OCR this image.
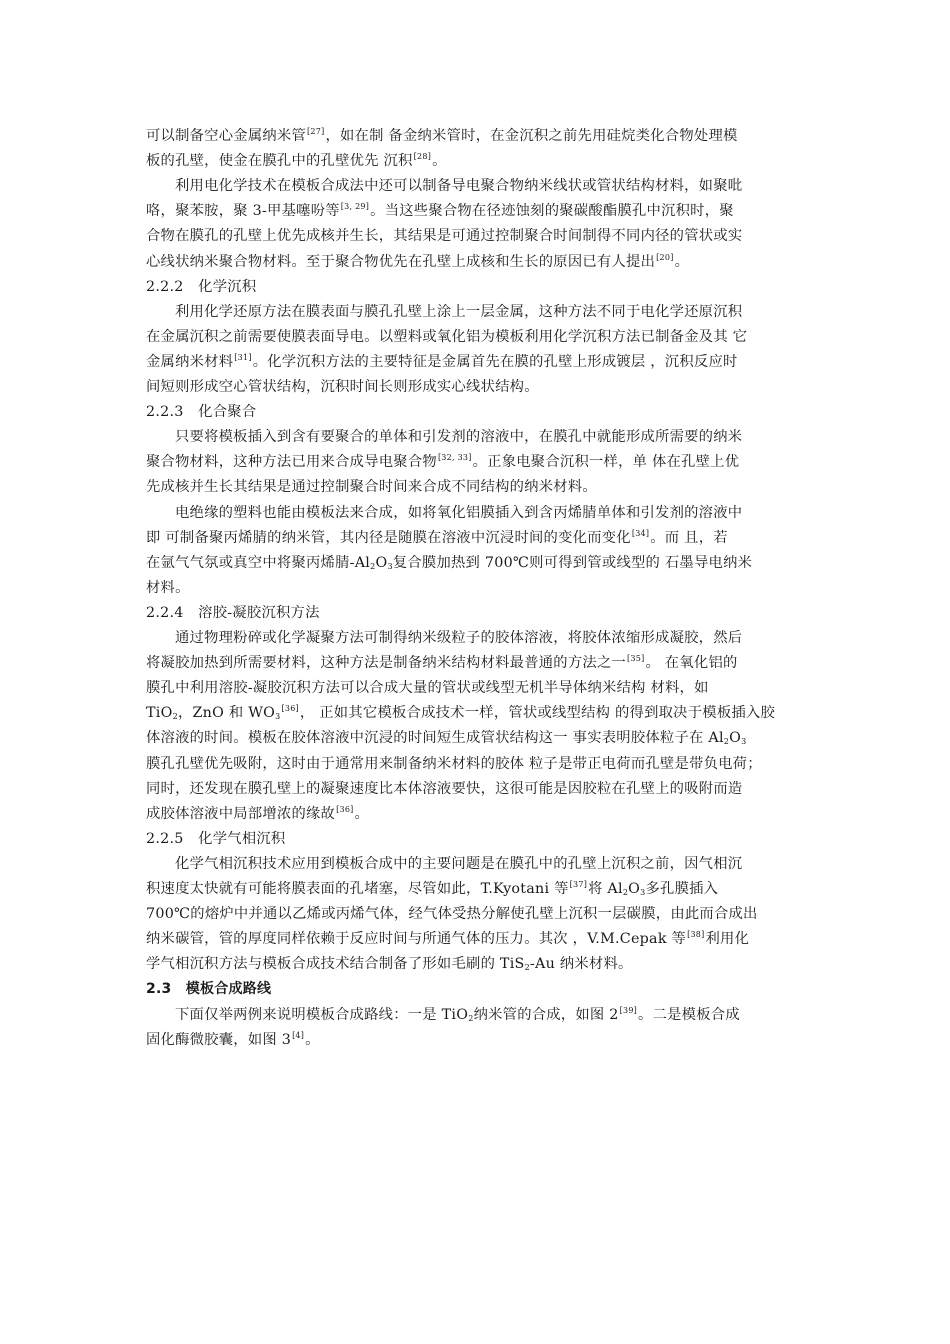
可以制备空心金属纳米管[27]，如在制 备金纳米管时，在金沉积之前先用硅烷类化合物处理模
板的孔壁，使金在膜孔中的孔壁优先 沉积[28]。
利用电化学技术在模板合成法中还可以制备导电聚合物纳米线状或管状结构材料，如聚吡
咯，聚苯胺，聚 3-甲基噻吩等[3, 29]。当这些聚合物在径迹蚀刻的聚碳酸酯膜孔中沉积时，聚
合物在膜孔的孔壁上优先成核并生长，其结果是可通过控制聚合时间制得不同内径的管状或实
心线状纳米聚合物材料。至于聚合物优先在孔壁上成核和生长的原因已有人提出[20]。
2.2.2　化学沉积
利用化学还原方法在膜表面与膜孔孔壁上涂上一层金属，这种方法不同于电化学还原沉积
在金属沉积之前需要使膜表面导电。以塑料或氧化铝为模板利用化学沉积方法已制备金及其 它
金属纳米材料[31]。化学沉积方法的主要特征是金属首先在膜的孔壁上形成镀层 ，沉积反应时
间短则形成空心管状结构，沉积时间长则形成实心线状结构。
2.2.3　化合聚合
只要将模板插入到含有要聚合的单体和引发剂的溶液中，在膜孔中就能形成所需要的纳米
聚合物材料，这种方法已用来合成导电聚合物[32, 33]。正象电聚合沉积一样，单 体在孔壁上优
先成核并生长其结果是通过控制聚合时间来合成不同结构的纳米材料。
电绝缘的塑料也能由模板法来合成，如将氧化铝膜插入到含丙烯腈单体和引发剂的溶液中
即 可制备聚丙烯腈的纳米管，其内径是随膜在溶液中沉浸时间的变化而变化[34]。而 且，若
在氩气气氛或真空中将聚丙烯腈$-Al_2O_3$复合膜加热到 700℃则可得到管或线型的 石墨导电纳米
材料。
2.2.4　溶胶-凝胶沉积方法
通过物理粉碎或化学凝聚方法可制得纳米级粒子的胶体溶液，将胶体浓缩形成凝胶，然后
将凝胶加热到所需要材料，这种方法是制备纳米结构材料最普通的方法之一[35]。 在氧化铝的
膜孔中利用溶胶-凝胶沉积方法可以合成大量的管状或线型无机半导体纳米结构 材料，如
TiO$_2$，ZnO 和 $WO_3[36]$， 正如其它模板合成技术一样，管状或线型结构 的得到取决于模板插入胶
体溶液的时间。模板在胶体溶液中沉浸的时间短生成管状结构这一 事实表明胶体粒子在 $Al_2O_3$
膜孔孔壁优先吸附，这时由于通常用来制备纳米材料的胶体 粒子是带正电荷而孔壁是带负电荷；
同时，还发现在膜孔壁上的凝聚速度比本体溶液要快，这很可能是因胶粒在孔壁上的吸附而造
成胶体溶液中局部增浓的缘故[36]。
2.2.5　化学气相沉积
化学气相沉积技术应用到模板合成中的主要问题是在膜孔中的孔壁上沉积之前，因气相沉
积速度太快就有可能将膜表面的孔堵塞，尽管如此，T.Kyotani 等[37]将 $Al_2O_3$多孔膜插入
700℃的熔炉中并通以乙烯或丙烯气体，经气体受热分解使孔壁上沉积一层碳膜，由此而合成出
纳米碳管，管的厚度同样依赖于反应时间与所通气体的压力。其次 ，V.M.Cepak 等[38]利用化
学气相沉积方法与模板合成技术结合制备了形如毛刷的 TiS$_2$-Au 纳米材料。
2.3　模板合成路线
下面仅举两例来说明模板合成路线：一是 TiO$_2$纳米管的合成，如图 2[39]。二是模板合成
固化酶微胶囊，如图 3[4]。
